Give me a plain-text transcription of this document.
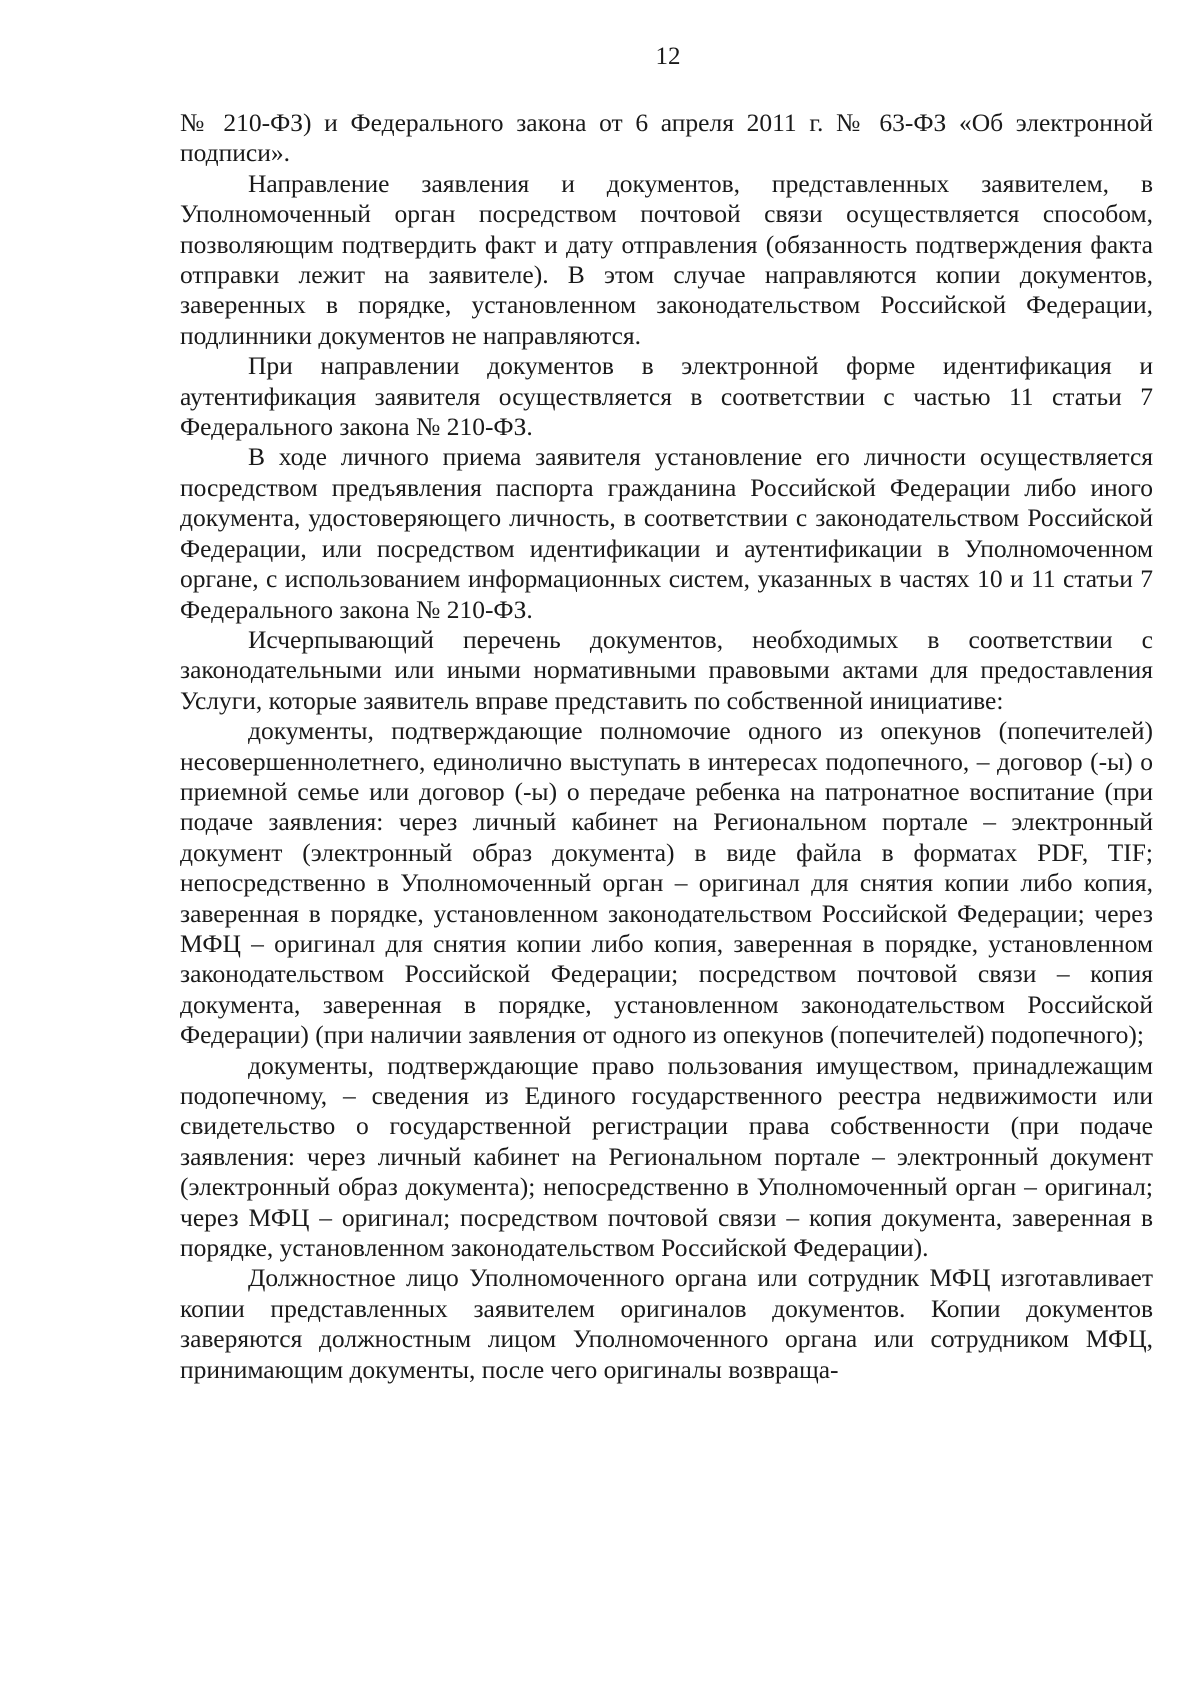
12

№ 210-ФЗ) и Федерального закона от 6 апреля 2011 г. № 63-ФЗ «Об электронной подписи».

Направление заявления и документов, представленных заявителем, в Уполномоченный орган посредством почтовой связи осуществляется способом, позволяющим подтвердить факт и дату отправления (обязанность подтверждения факта отправки лежит на заявителе). В этом случае направляются копии документов, заверенных в порядке, установленном законодательством Российской Федерации, подлинники документов не направляются.

При направлении документов в электронной форме идентификация и аутентификация заявителя осуществляется в соответствии с частью 11 статьи 7 Федерального закона № 210-ФЗ.

В ходе личного приема заявителя установление его личности осуществляется посредством предъявления паспорта гражданина Российской Федерации либо иного документа, удостоверяющего личность, в соответствии с законодательством Российской Федерации, или посредством идентификации и аутентификации в Уполномоченном органе, с использованием информационных систем, указанных в частях 10 и 11 статьи 7 Федерального закона № 210-ФЗ.

Исчерпывающий перечень документов, необходимых в соответствии с законодательными или иными нормативными правовыми актами для предоставления Услуги, которые заявитель вправе представить по собственной инициативе:

документы, подтверждающие полномочие одного из опекунов (попечителей) несовершеннолетнего, единолично выступать в интересах подопечного, – договор (-ы) о приемной семье или договор (-ы) о передаче ребенка на патронатное воспитание (при подаче заявления: через личный кабинет на Региональном портале – электронный документ (электронный образ документа) в виде файла в форматах PDF, TIF; непосредственно в Уполномоченный орган – оригинал для снятия копии либо копия, заверенная в порядке, установленном законодательством Российской Федерации; через МФЦ – оригинал для снятия копии либо копия, заверенная в порядке, установленном законодательством Российской Федерации; посредством почтовой связи – копия документа, заверенная в порядке, установленном законодательством Российской Федерации) (при наличии заявления от одного из опекунов (попечителей) подопечного);

документы, подтверждающие право пользования имуществом, принадлежащим подопечному, – сведения из Единого государственного реестра недвижимости или свидетельство о государственной регистрации права собственности (при подаче заявления: через личный кабинет на Региональном портале – электронный документ (электронный образ документа); непосредственно в Уполномоченный орган – оригинал; через МФЦ – оригинал; посредством почтовой связи – копия документа, заверенная в порядке, установленном законодательством Российской Федерации).

Должностное лицо Уполномоченного органа или сотрудник МФЦ изготавливает копии представленных заявителем оригиналов документов. Копии документов заверяются должностным лицом Уполномоченного органа или сотрудником МФЦ, принимающим документы, после чего оригиналы возвраща-
